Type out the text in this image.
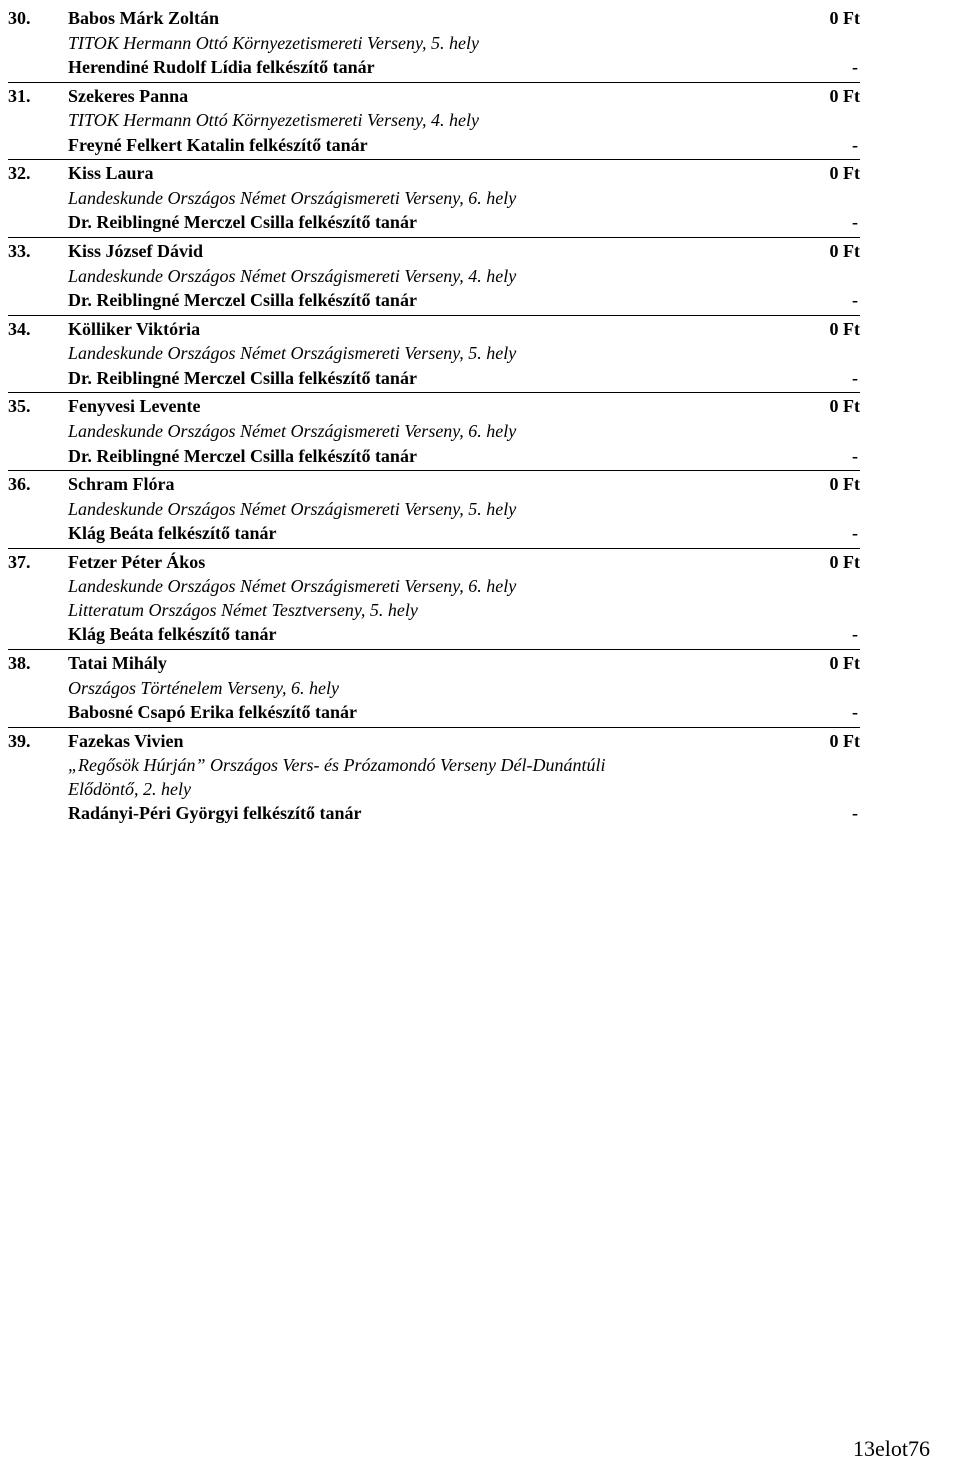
30.	Babos Márk Zoltán	0 Ft
TITOK Hermann Ottó Környezetismereti Verseny, 5. hely
Herendiné Rudolf Lídia felkészítő tanár	-
31.	Szekeres Panna	0 Ft
TITOK Hermann Ottó Környezetismereti Verseny, 4. hely
Freyné Felkert Katalin felkészítő tanár	-
32.	Kiss Laura	0 Ft
Landeskunde Országos Német Országismereti Verseny, 6. hely
Dr. Reiblingné Merczel Csilla felkészítő tanár	-
33.	Kiss József Dávid	0 Ft
Landeskunde Országos Német Országismereti Verseny, 4. hely
Dr. Reiblingné Merczel Csilla felkészítő tanár	-
34.	Kölliker Viktória	0 Ft
Landeskunde Országos Német Országismereti Verseny, 5. hely
Dr. Reiblingné Merczel Csilla felkészítő tanár	-
35.	Fenyvesi Levente	0 Ft
Landeskunde Országos Német Országismereti Verseny, 6. hely
Dr. Reiblingné Merczel Csilla felkészítő tanár	-
36.	Schram Flóra	0 Ft
Landeskunde Országos Német Országismereti Verseny, 5. hely
Klág Beáta felkészítő tanár	-
37.	Fetzer Péter Ákos	0 Ft
Landeskunde Országos Német Országismereti Verseny, 6. hely
Litteratum Országos Német Tesztverseny, 5. hely
Klág Beáta felkészítő tanár	-
38.	Tatai Mihály	0 Ft
Országos Történelem Verseny, 6. hely
Babosné Csapó Erika felkészítő tanár	-
39.	Fazekas Vivien	0 Ft
„Regősök Húrján” Országos Vers- és Prózamondó Verseny Dél-Dunántúli Elődöntő, 2. hely
Radányi-Péri Györgyi felkészítő tanár	-
13elot76
